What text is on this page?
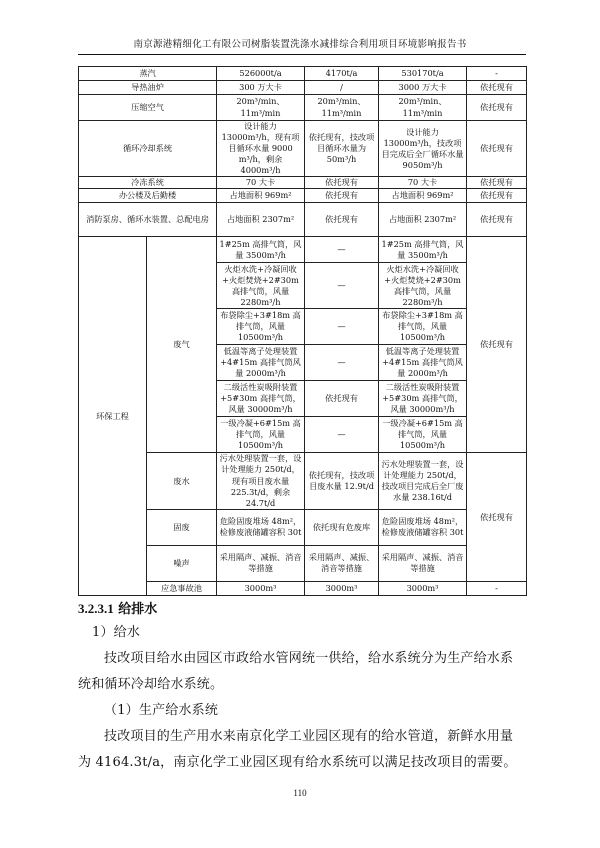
南京源港精细化工有限公司树脂装置洗涤水减排综合利用项目环境影响报告书
蒸汽		526000t/a	4170t/a	530170t/a	-
导热油炉		300 万大卡	/	3000 万大卡	依托现有
压缩空气		20m³/min、11m³/min	20m³/min、11m³/min	20m³/min、11m³/min	依托现有
循环冷却系统		设计能力 13000m³/h，现有项目循环水量 9000 m³/h，剩余 4000m³/h	依托现有，技改项目循环水量为 50m³/h	设计能力 13000m³/h，技改项目完成后全厂循环水量 9050m³/h	依托现有
冷冻系统		70 大卡	依托现有	70 大卡	依托现有
办公楼及后勤楼		占地面积 969m²	依托现有	占地面积 969m²	依托现有
消防泵房、循环水装置、总配电房		占地面积 2307m²	依托现有	占地面积 2307m²	依托现有
环保工程	废气	1#25m 高排气筒，风量 3500m³/h	—	1#25m 高排气筒，风量 3500m³/h	依托现有
		火炬水洗+冷凝回收+火炬焚烧+2#30m 高排气筒，风量 2280m³/h	—	火炬水洗+冷凝回收+火炬焚烧+2#30m 高排气筒，风量 2280m³/h	
		布袋除尘+3#18m 高排气筒，风量 10500m³/h	—	布袋除尘+3#18m 高排气筒，风量 10500m³/h	
		低温等离子处理装置+4#15m 高排气筒风量 2000m³/h	—	低温等离子处理装置+4#15m 高排气筒风量 2000m³/h	
		二级活性炭吸附装置+5#30m 高排气筒，风量 30000m³/h	依托现有	二级活性炭吸附装置+5#30m 高排气筒，风量 30000m³/h	
		一级冷凝+6#15m 高排气筒，风量 10500m³/h	—	一级冷凝+6#15m 高排气筒，风量 10500m³/h	
	废水	污水处理装置一套，设计处理能力 250t/d，现有项目废水量 225.3t/d，剩余 24.7t/d	依托现有，技改项目废水量 12.9t/d	污水处理装置一套，设计处理能力 250t/d，技改项目完成后全厂废水量 238.16t/d	依托现有
	固废	危险固废堆场 48m²，检修废液储罐容积 30t	依托现有危废库	危险固废堆场 48m²，检修废液储罐容积 30t	
	噪声	采用隔声、减振、消音等措施	采用隔声、减振、消音等措施	采用隔声、减振、消音等措施	
	应急事故池	3000m³	3000m³	3000m³	-
3.2.3.1 给排水
1）给水
技改项目给水由园区市政给水管网统一供给，给水系统分为生产给水系统和循环冷却给水系统。
（1）生产给水系统
技改项目的生产用水来南京化学工业园区现有的给水管道，新鲜水用量为 4164.3t/a，南京化学工业园区现有给水系统可以满足技改项目的需要。
110
